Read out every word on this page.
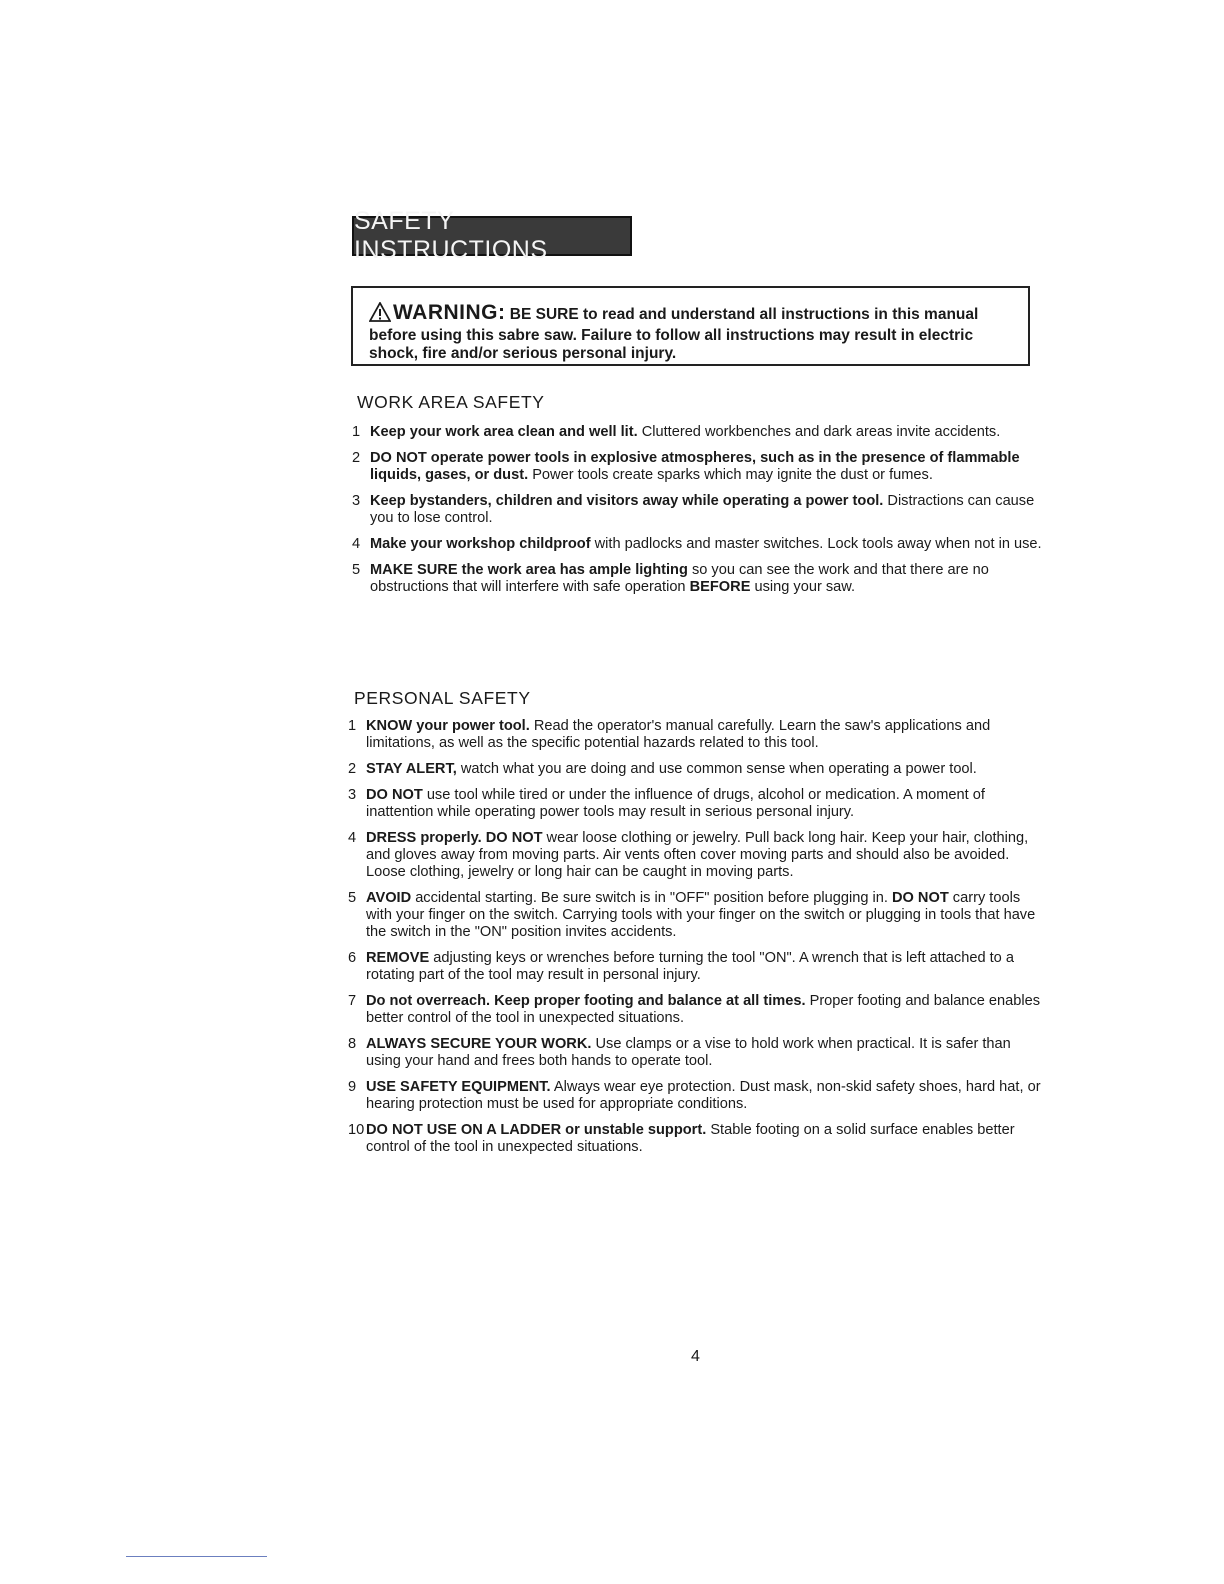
SAFETY INSTRUCTIONS
WARNING: BE SURE to read and understand all instructions in this manual before using this sabre saw. Failure to follow all instructions may result in electric shock, fire and/or serious personal injury.
WORK AREA SAFETY
1 Keep your work area clean and well lit. Cluttered workbenches and dark areas invite accidents.
2 DO NOT operate power tools in explosive atmospheres, such as in the presence of flammable liquids, gases, or dust. Power tools create sparks which may ignite the dust or fumes.
3 Keep bystanders, children and visitors away while operating a power tool. Distractions can cause you to lose control.
4 Make your workshop childproof with padlocks and master switches. Lock tools away when not in use.
5 MAKE SURE the work area has ample lighting so you can see the work and that there are no obstructions that will interfere with safe operation BEFORE using your saw.
PERSONAL SAFETY
1 KNOW your power tool. Read the operator's manual carefully. Learn the saw's applications and limitations, as well as the specific potential hazards related to this tool.
2 STAY ALERT, watch what you are doing and use common sense when operating a power tool.
3 DO NOT use tool while tired or under the influence of drugs, alcohol or medication. A moment of inattention while operating power tools may result in serious personal injury.
4 DRESS properly. DO NOT wear loose clothing or jewelry. Pull back long hair. Keep your hair, clothing, and gloves away from moving parts. Air vents often cover moving parts and should also be avoided. Loose clothing, jewelry or long hair can be caught in moving parts.
5 AVOID accidental starting. Be sure switch is in "OFF" position before plugging in. DO NOT carry tools with your finger on the switch. Carrying tools with your finger on the switch or plugging in tools that have the switch in the "ON" position invites accidents.
6 REMOVE adjusting keys or wrenches before turning the tool "ON". A wrench that is left attached to a rotating part of the tool may result in personal injury.
7 Do not overreach. Keep proper footing and balance at all times. Proper footing and balance enables better control of the tool in unexpected situations.
8 ALWAYS SECURE YOUR WORK. Use clamps or a vise to hold work when practical. It is safer than using your hand and frees both hands to operate tool.
9 USE SAFETY EQUIPMENT. Always wear eye protection. Dust mask, non-skid safety shoes, hard hat, or hearing protection must be used for appropriate conditions.
10 DO NOT USE ON A LADDER or unstable support. Stable footing on a solid surface enables better control of the tool in unexpected situations.
4
